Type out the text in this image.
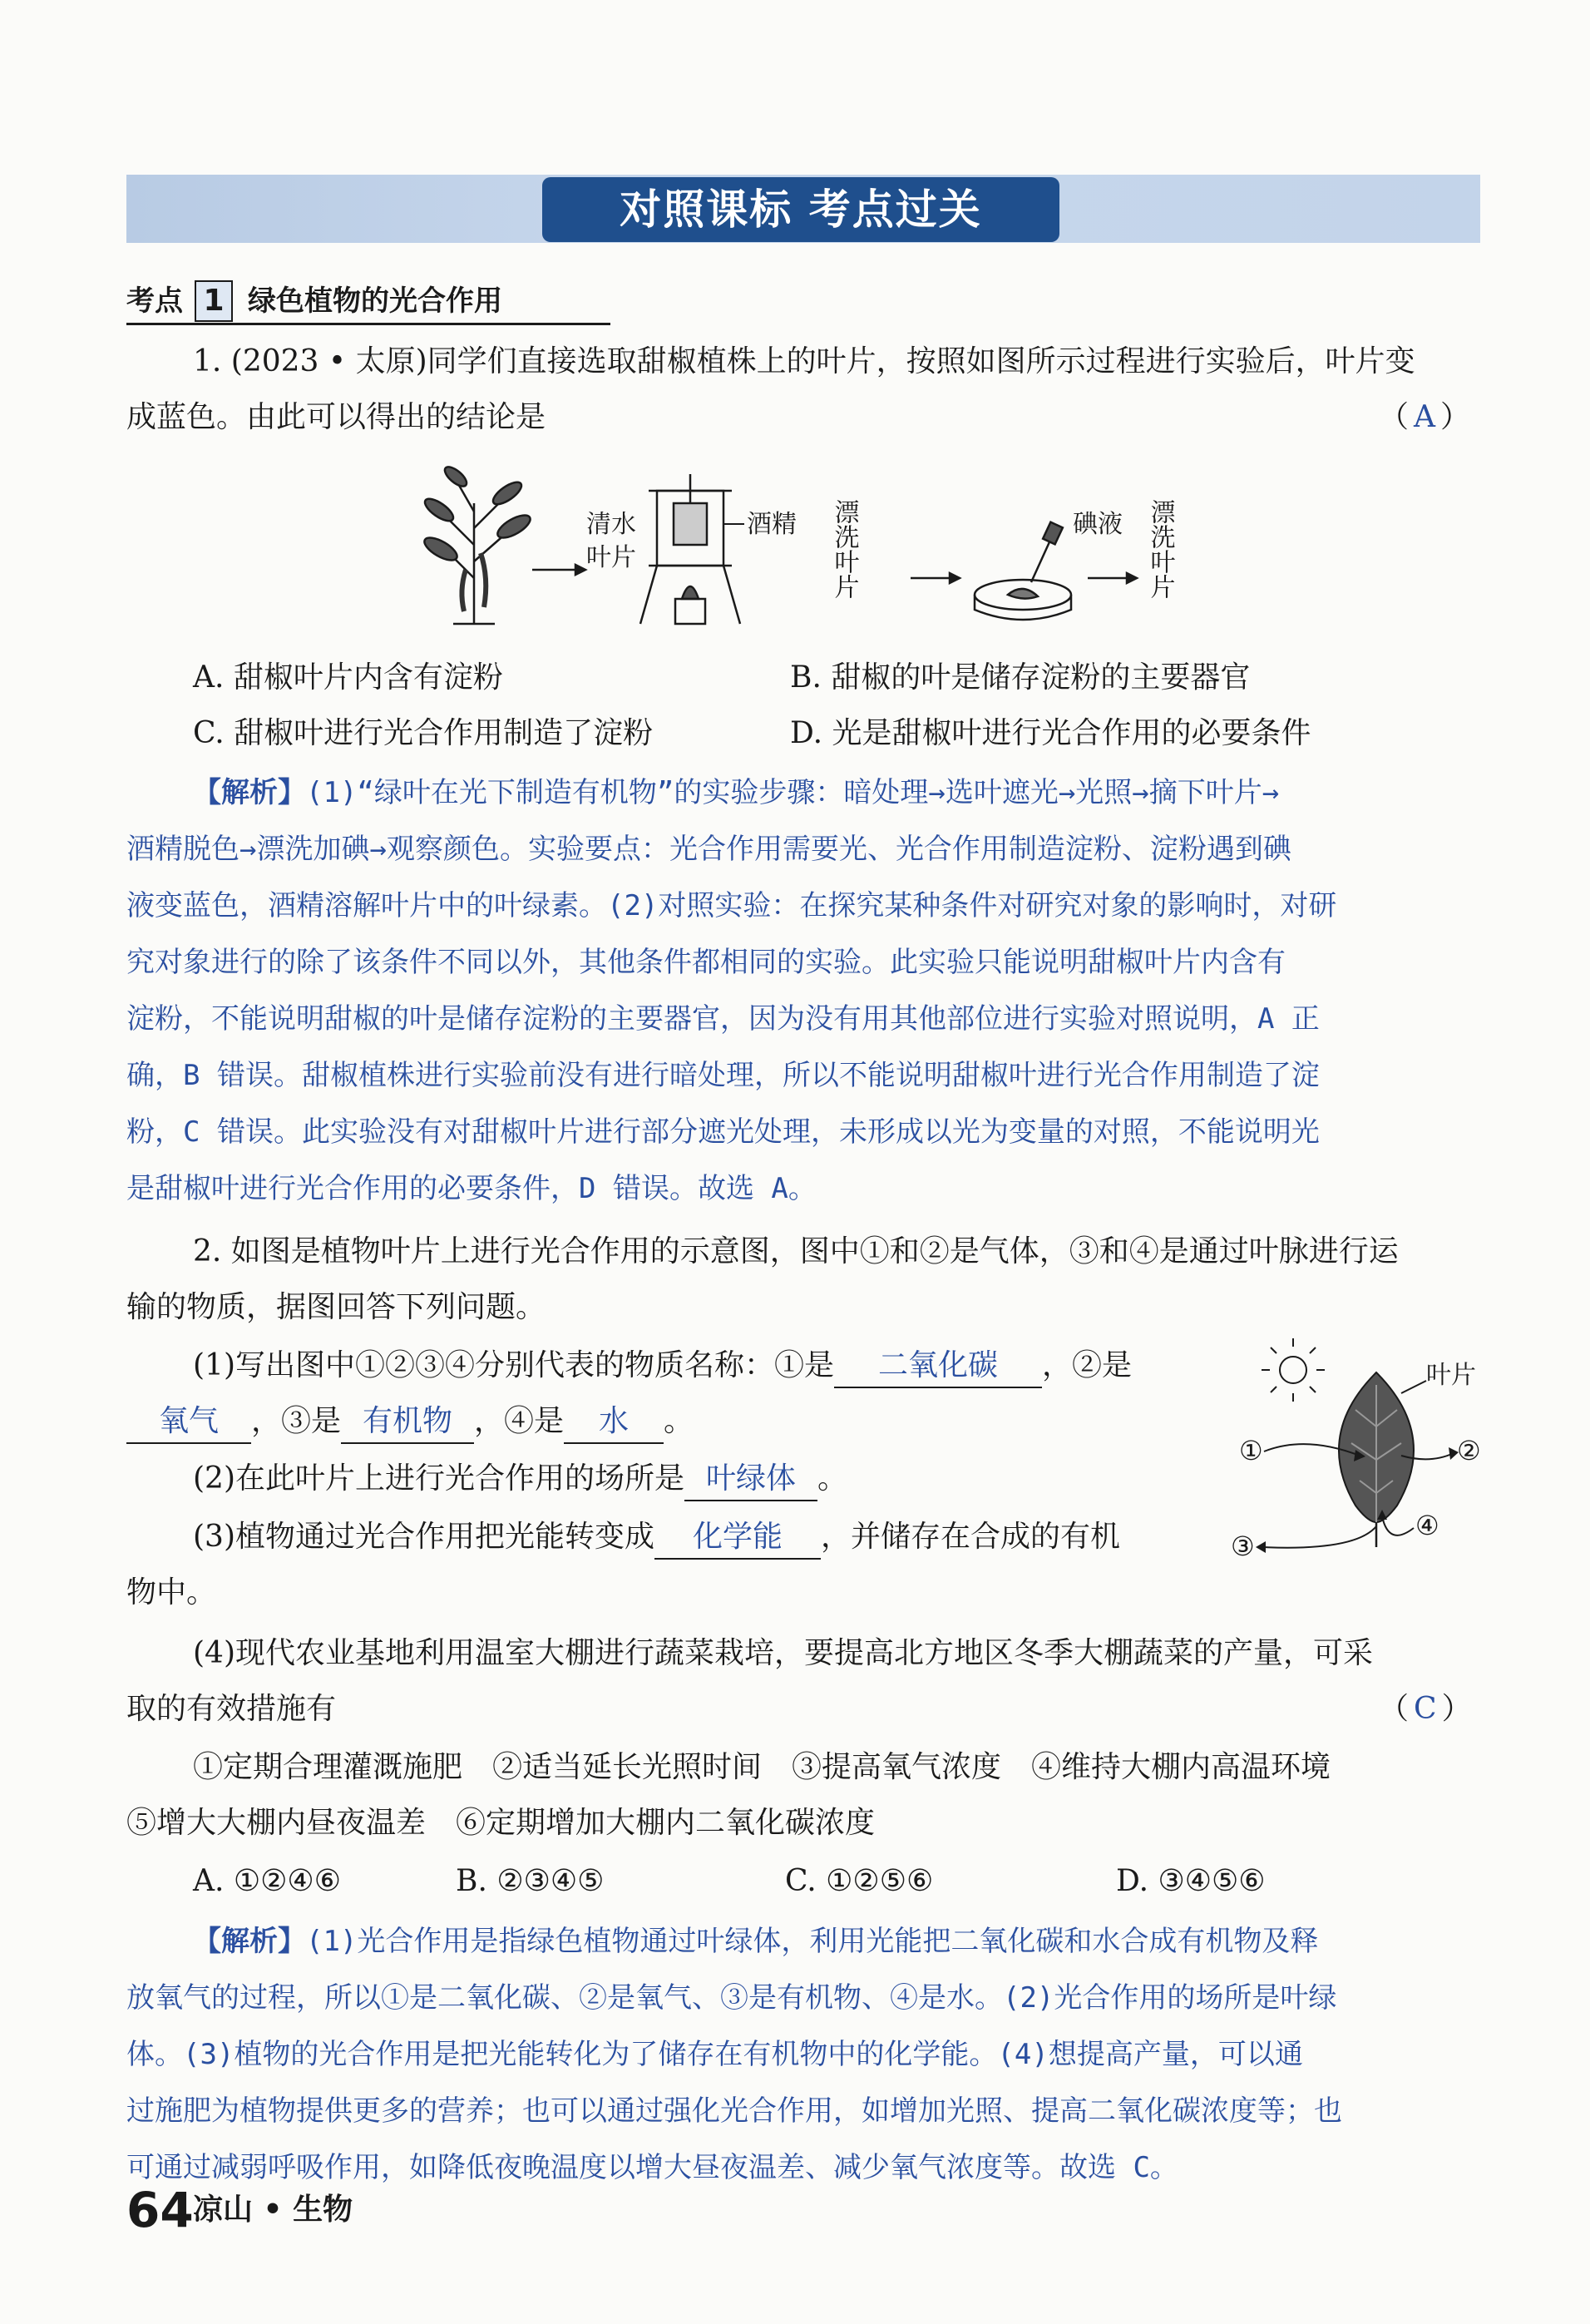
对照课标 考点过关
考点 1 绿色植物的光合作用
1. (2023 • 太原)同学们直接选取甜椒植株上的叶片，按照如图所示过程进行实验后，叶片变
成蓝色。由此可以得出的结论是	（ A ）
清水
叶片
酒精 漂洗叶片	碘液 漂洗叶片
A. 甜椒叶片内含有淀粉	B. 甜椒的叶是储存淀粉的主要器官
C. 甜椒叶进行光合作用制造了淀粉	D. 光是甜椒叶进行光合作用的必要条件
【解析】(1)“绿叶在光下制造有机物”的实验步骤：暗处理→选叶遮光→光照→摘下叶片→
酒精脱色→漂洗加碘→观察颜色。实验要点：光合作用需要光、光合作用制造淀粉、淀粉遇到碘
液变蓝色，酒精溶解叶片中的叶绿素。(2)对照实验：在探究某种条件对研究对象的影响时，对研
究对象进行的除了该条件不同以外，其他条件都相同的实验。此实验只能说明甜椒叶片内含有
淀粉，不能说明甜椒的叶是储存淀粉的主要器官，因为没有用其他部位进行实验对照说明，A 正
确，B 错误。甜椒植株进行实验前没有进行暗处理，所以不能说明甜椒叶进行光合作用制造了淀
粉，C 错误。此实验没有对甜椒叶片进行部分遮光处理，未形成以光为变量的对照，不能说明光
是甜椒叶进行光合作用的必要条件，D 错误。故选 A。
2. 如图是植物叶片上进行光合作用的示意图，图中①和②是气体，③和④是通过叶脉进行运
输的物质，据图回答下列问题。
(1)写出图中①②③④分别代表的物质名称：①是 二氧化碳 ，②是
氧气 ，③是 有机物 ，④是 水 。
(2)在此叶片上进行光合作用的场所是 叶绿体 。
(3)植物通过光合作用把光能转变成 化学能 ，并储存在合成的有机
物中。
叶片
①	②
③
④
(4)现代农业基地利用温室大棚进行蔬菜栽培，要提高北方地区冬季大棚蔬菜的产量，可采
取的有效措施有	（ C ）
①定期合理灌溉施肥　②适当延长光照时间　③提高氧气浓度　④维持大棚内高温环境
⑤增大大棚内昼夜温差　⑥定期增加大棚内二氧化碳浓度
A. ①②④⑥	B. ②③④⑤	C. ①②⑤⑥	D. ③④⑤⑥
【解析】(1)光合作用是指绿色植物通过叶绿体，利用光能把二氧化碳和水合成有机物及释
放氧气的过程，所以①是二氧化碳、②是氧气、③是有机物、④是水。(2)光合作用的场所是叶绿
体。(3)植物的光合作用是把光能转化为了储存在有机物中的化学能。(4)想提高产量，可以通
过施肥为植物提供更多的营养；也可以通过强化光合作用，如增加光照、提高二氧化碳浓度等；也
可通过减弱呼吸作用，如降低夜晚温度以增大昼夜温差、减少氧气浓度等。故选 C。
64 凉山 • 生物
